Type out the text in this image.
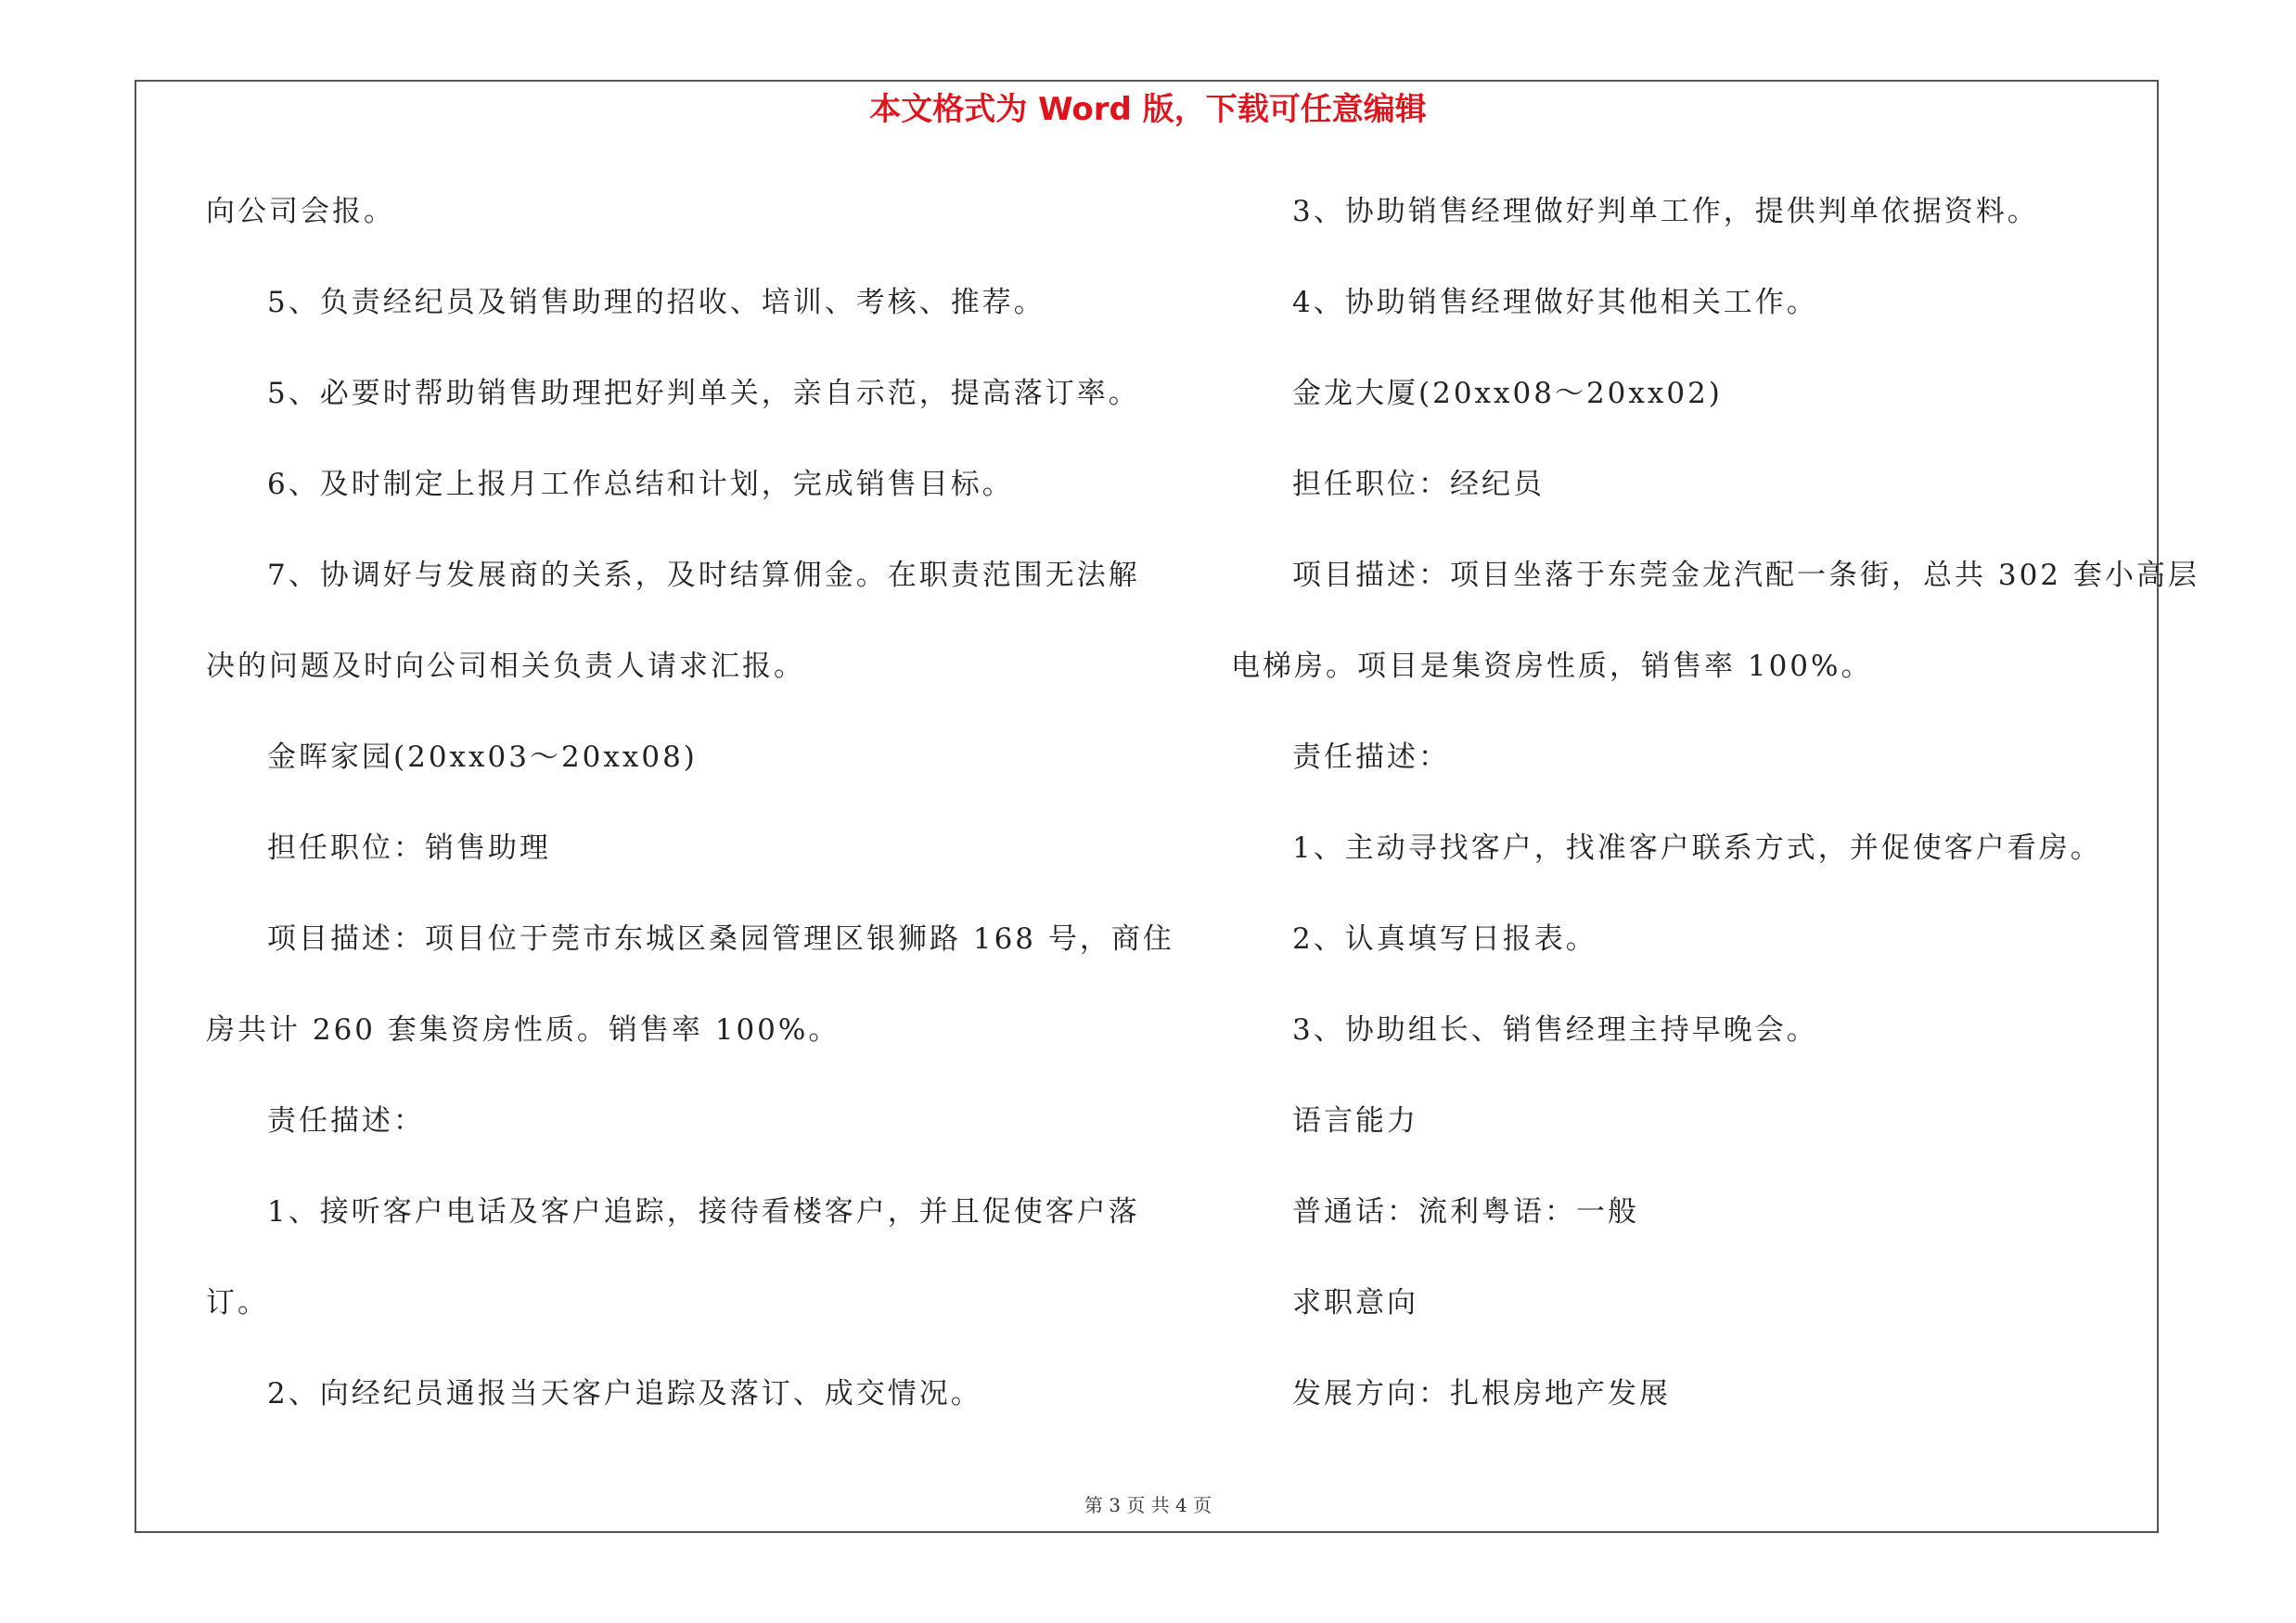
本文格式为 Word 版，下载可任意编辑
向公司会报。
5、负责经纪员及销售助理的招收、培训、考核、推荐。
5、必要时帮助销售助理把好判单关，亲自示范，提高落订率。
6、及时制定上报月工作总结和计划，完成销售目标。
7、协调好与发展商的关系，及时结算佣金。在职责范围无法解
决的问题及时向公司相关负责人请求汇报。
金晖家园(20xx03～20xx08)
担任职位：销售助理
项目描述：项目位于莞市东城区桑园管理区银狮路 168 号，商住
房共计 260 套集资房性质。销售率 100%。
责任描述：
1、接听客户电话及客户追踪，接待看楼客户，并且促使客户落
订。
2、向经纪员通报当天客户追踪及落订、成交情况。
3、协助销售经理做好判单工作，提供判单依据资料。
4、协助销售经理做好其他相关工作。
金龙大厦(20xx08～20xx02)
担任职位：经纪员
项目描述：项目坐落于东莞金龙汽配一条街，总共 302 套小高层
电梯房。项目是集资房性质，销售率 100%。
责任描述：
1、主动寻找客户，找准客户联系方式，并促使客户看房。
2、认真填写日报表。
3、协助组长、销售经理主持早晚会。
语言能力
普通话：流利粤语：一般
求职意向
发展方向：扎根房地产发展
第 3 页 共 4 页
